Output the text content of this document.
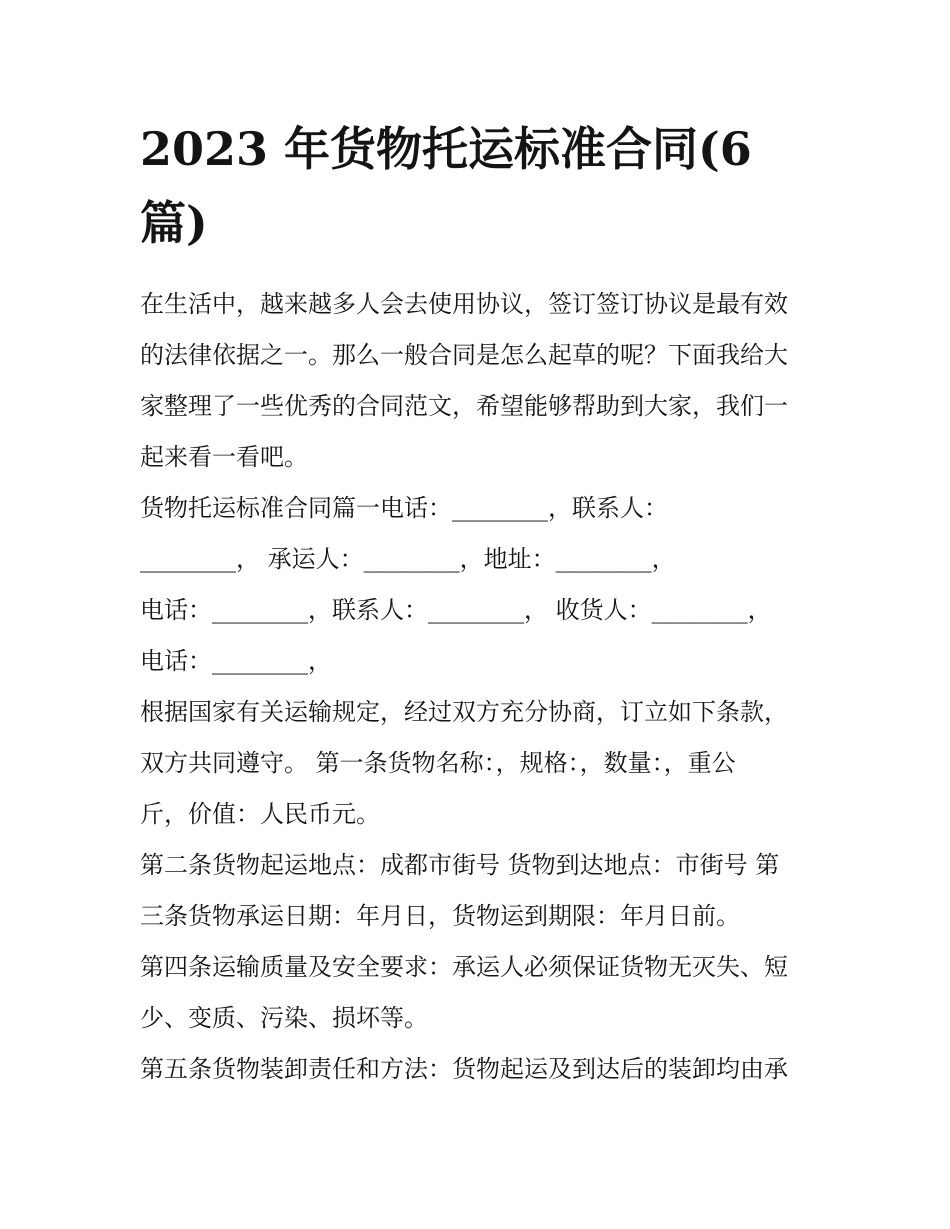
2023 年货物托运标准合同(6
篇)

在生活中，越来越多人会去使用协议，签订签订协议是最有效
的法律依据之一。那么一般合同是怎么起草的呢？下面我给大
家整理了一些优秀的合同范文，希望能够帮助到大家，我们一
起来看一看吧。

货物托运标准合同篇一电话：________，联系人：
________， 承运人：________，地址：________，
电话：________，联系人：________， 收货人：________，
电话：________，

根据国家有关运输规定，经过双方充分协商，订立如下条款，
双方共同遵守。 第一条货物名称：，规格：，数量：，重公
斤，价值：人民币元。

第二条货物起运地点：成都市街号 货物到达地点：市街号 第
三条货物承运日期：年月日，货物运到期限：年月日前。

第四条运输质量及安全要求：承运人必须保证货物无灭失、短
少、变质、污染、损坏等。

第五条货物装卸责任和方法：货物起运及到达后的装卸均由承
